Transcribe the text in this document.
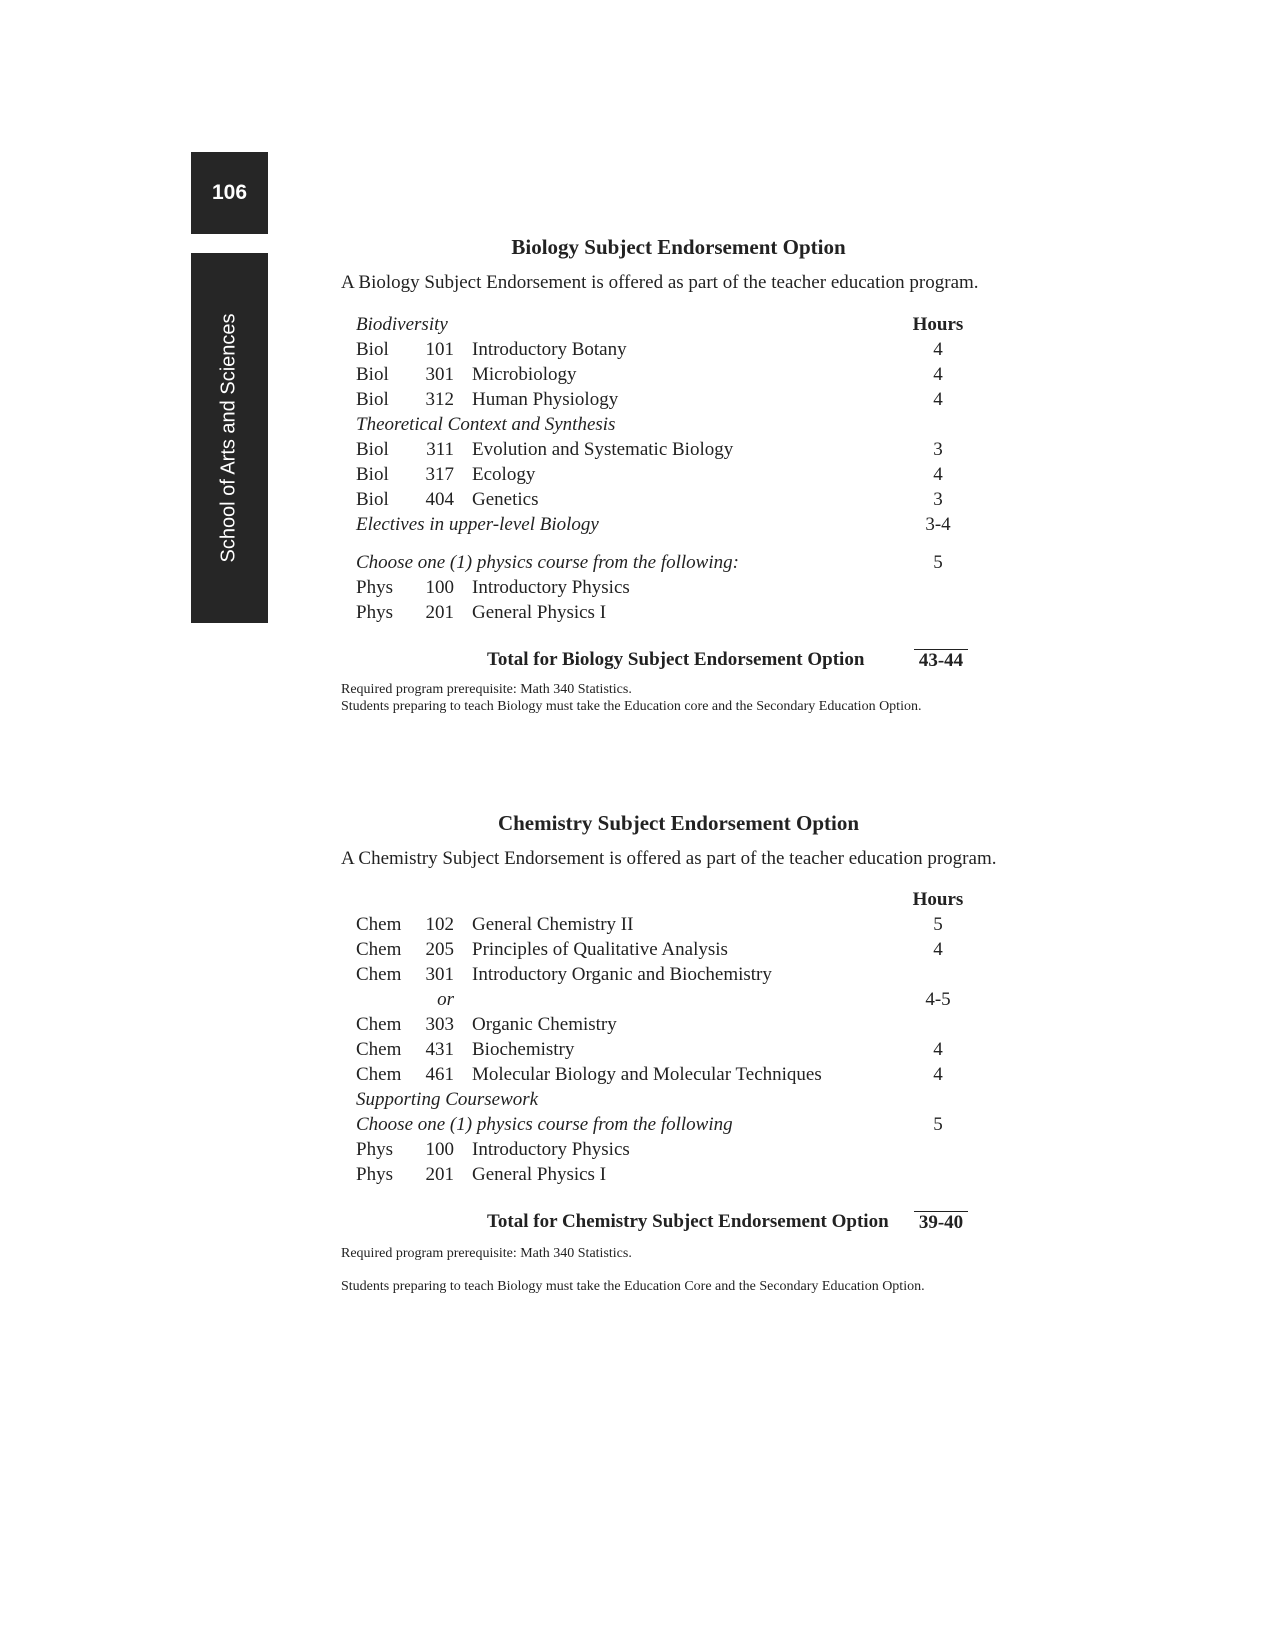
106
School of Arts and Sciences
Biology Subject Endorsement Option

A Biology Subject Endorsement is offered as part of the teacher education program.

Biodiversity	Hours
Biol	101 Introductory Botany	4
Biol	301 Microbiology	4
Biol	312 Human Physiology	4
Theoretical Context and Synthesis
Biol	311 Evolution and Systematic Biology	3
Biol	317 Ecology	4
Biol	404 Genetics	3
Electives in upper-level Biology	3-4
Choose one (1) physics course from the following:	5
Phys	100 Introductory Physics
Phys	201 General Physics I
Total for Biology Subject Endorsement Option	43-44

Required program prerequisite: Math 340 Statistics.

Students preparing to teach Biology must take the Education core and the Secondary Education Option.

Chemistry Subject Endorsement Option

A Chemistry Subject Endorsement is offered as part of the teacher education program.

Hours
Chem	102 General Chemistry II	5
Chem	205 Principles of Qualitative Analysis	4
Chem	301 Introductory Organic and Biochemistry
or	4-5
Chem	303 Organic Chemistry
Chem	431 Biochemistry	4
Chem	461 Molecular Biology and Molecular Techniques	4
Supporting Coursework
Choose one (1) physics course from the following	5
Phys	100 Introductory Physics
Phys	201 General Physics I
Total for Chemistry Subject Endorsement Option 39-40

Required program prerequisite: Math 340 Statistics.

Students preparing to teach Biology must take the Education Core and the Secondary Education Option.
